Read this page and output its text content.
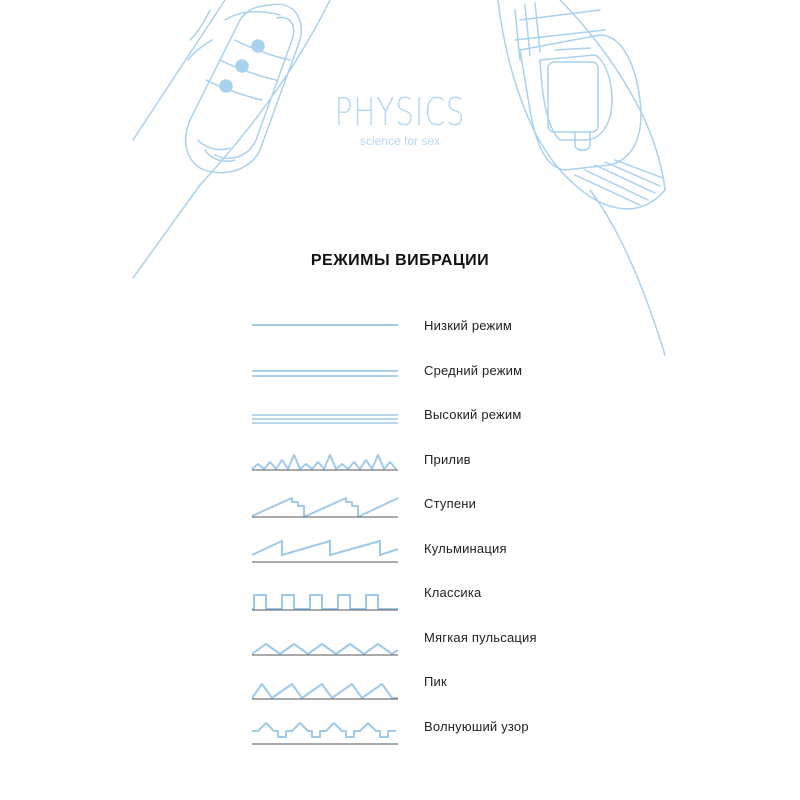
PHYSICS
science for sex
РЕЖИМЫ ВИБРАЦИИ
Низкий режим
Средний режим
Высокий режим
Прилив
Ступени
Кульминация
Классика
Мягкая пульсация
Пик
Волнуюший узор
